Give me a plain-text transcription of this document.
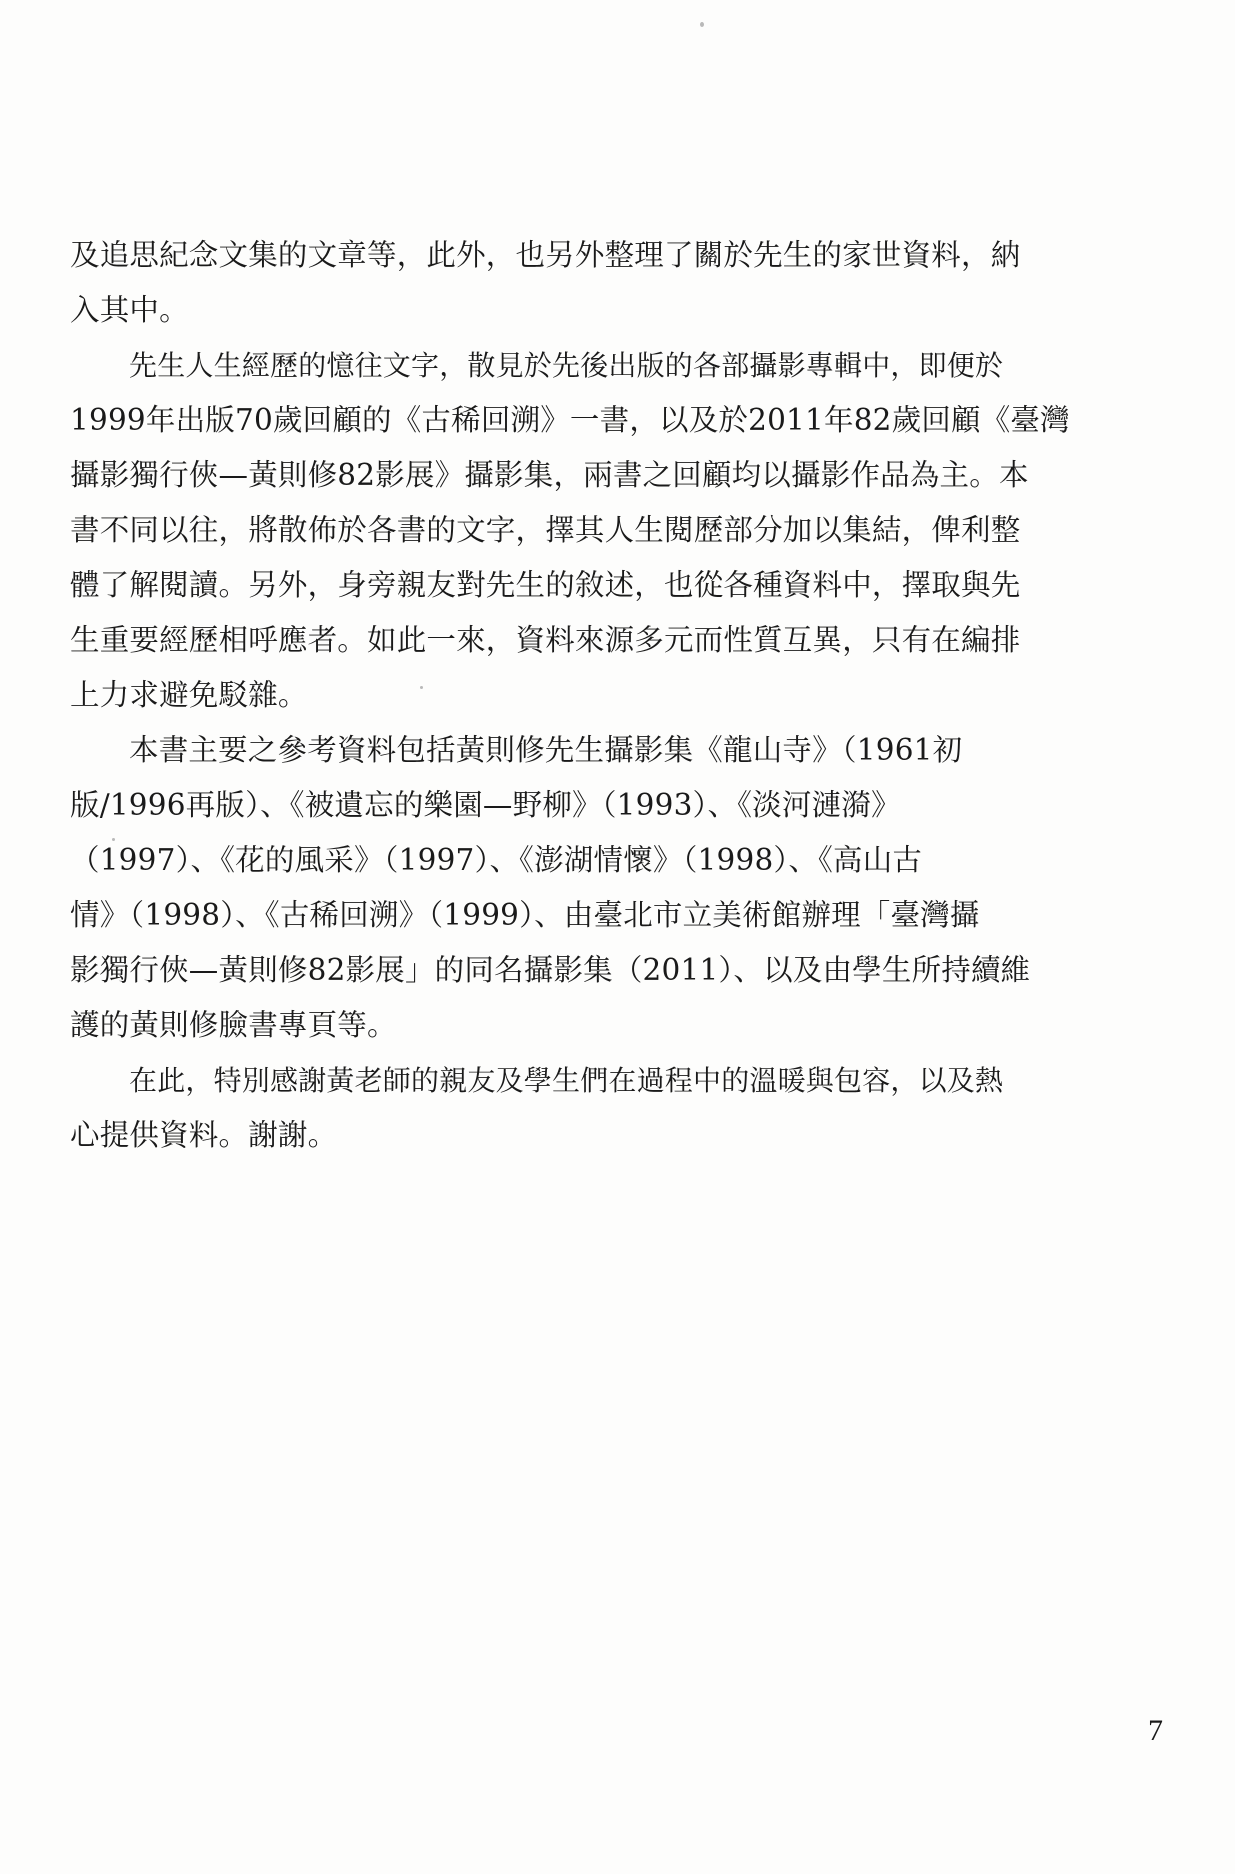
及追思紀念文集的文章等，此外，也另外整理了關於先生的家世資料，納
入其中。

先生人生經歷的憶往文字，散見於先後出版的各部攝影專輯中，即便於
1999年出版70歲回顧的《古稀回溯》一書，以及於2011年82歲回顧《臺灣
攝影獨行俠—黃則修82影展》攝影集，兩書之回顧均以攝影作品為主。本
書不同以往，將散佈於各書的文字，擇其人生閱歷部分加以集結，俾利整
體了解閱讀。另外，身旁親友對先生的敘述，也從各種資料中，擇取與先
生重要經歷相呼應者。如此一來，資料來源多元而性質互異，只有在編排
上力求避免駁雜。

本書主要之參考資料包括黃則修先生攝影集《龍山寺》（1961初
版/1996再版）、《被遺忘的樂園—野柳》（1993）、《淡河漣漪》
（1997）、《花的風采》（1997）、《澎湖情懷》（1998）、《高山古
情》（1998）、《古稀回溯》（1999）、由臺北市立美術館辦理「臺灣攝
影獨行俠—黃則修82影展」的同名攝影集（2011）、以及由學生所持續維
護的黃則修臉書專頁等。

在此，特別感謝黃老師的親友及學生們在過程中的溫暖與包容，以及熱
心提供資料。謝謝。

7
